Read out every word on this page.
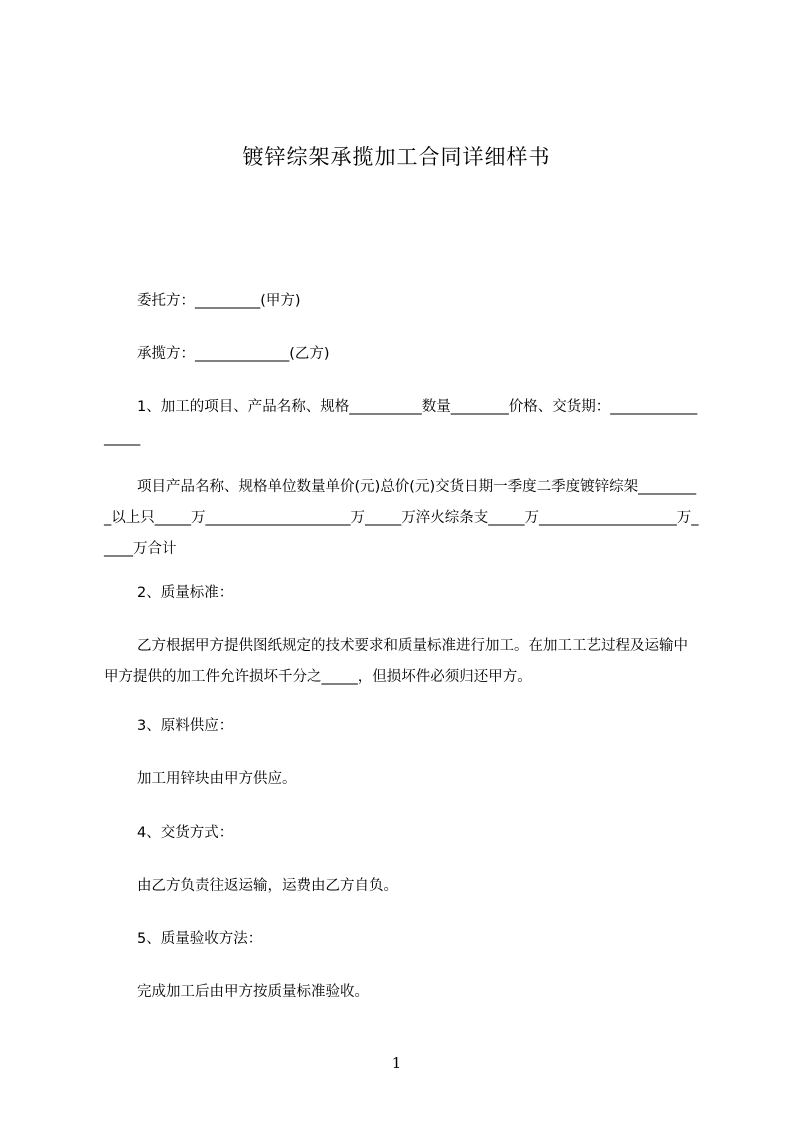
镀锌综架承揽加工合同详细样书
委托方：_________(甲方)
承揽方：_____________(乙方)
1、加工的项目、产品名称、规格__________数量________价格、交货期：_________________
项目产品名称、规格单位数量单价(元)总价(元)交货日期一季度二季度镀锌综架_________以上只_____万____________________万_____万淬火综条支_____万___________________万_____万合计
2、质量标准：
乙方根据甲方提供图纸规定的技术要求和质量标准进行加工。在加工工艺过程及运输中甲方提供的加工件允许损坏千分之_____，但损坏件必须归还甲方。
3、原料供应：
加工用锌块由甲方供应。
4、交货方式：
由乙方负责往返运输，运费由乙方自负。
5、质量验收方法：
完成加工后由甲方按质量标准验收。
1
